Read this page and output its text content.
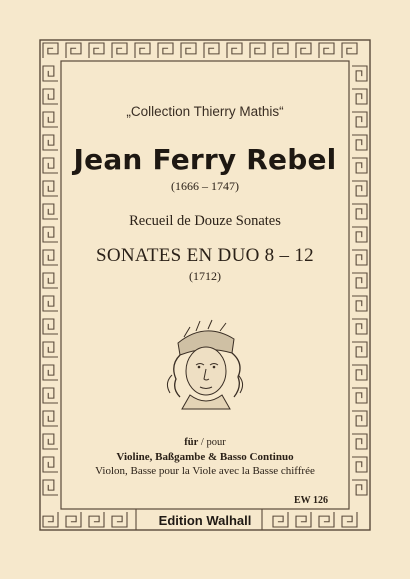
„Collection Thierry Mathis“
Jean Ferry Rebel
(1666 – 1747)
Recueil de Douze Sonates
SONATES EN DUO 8 – 12
(1712)
für / pour
Violine, Baßgambe & Basso Continuo
Violon, Basse pour la Viole avec la Basse chiffrée
EW 126
Edition Walhall
